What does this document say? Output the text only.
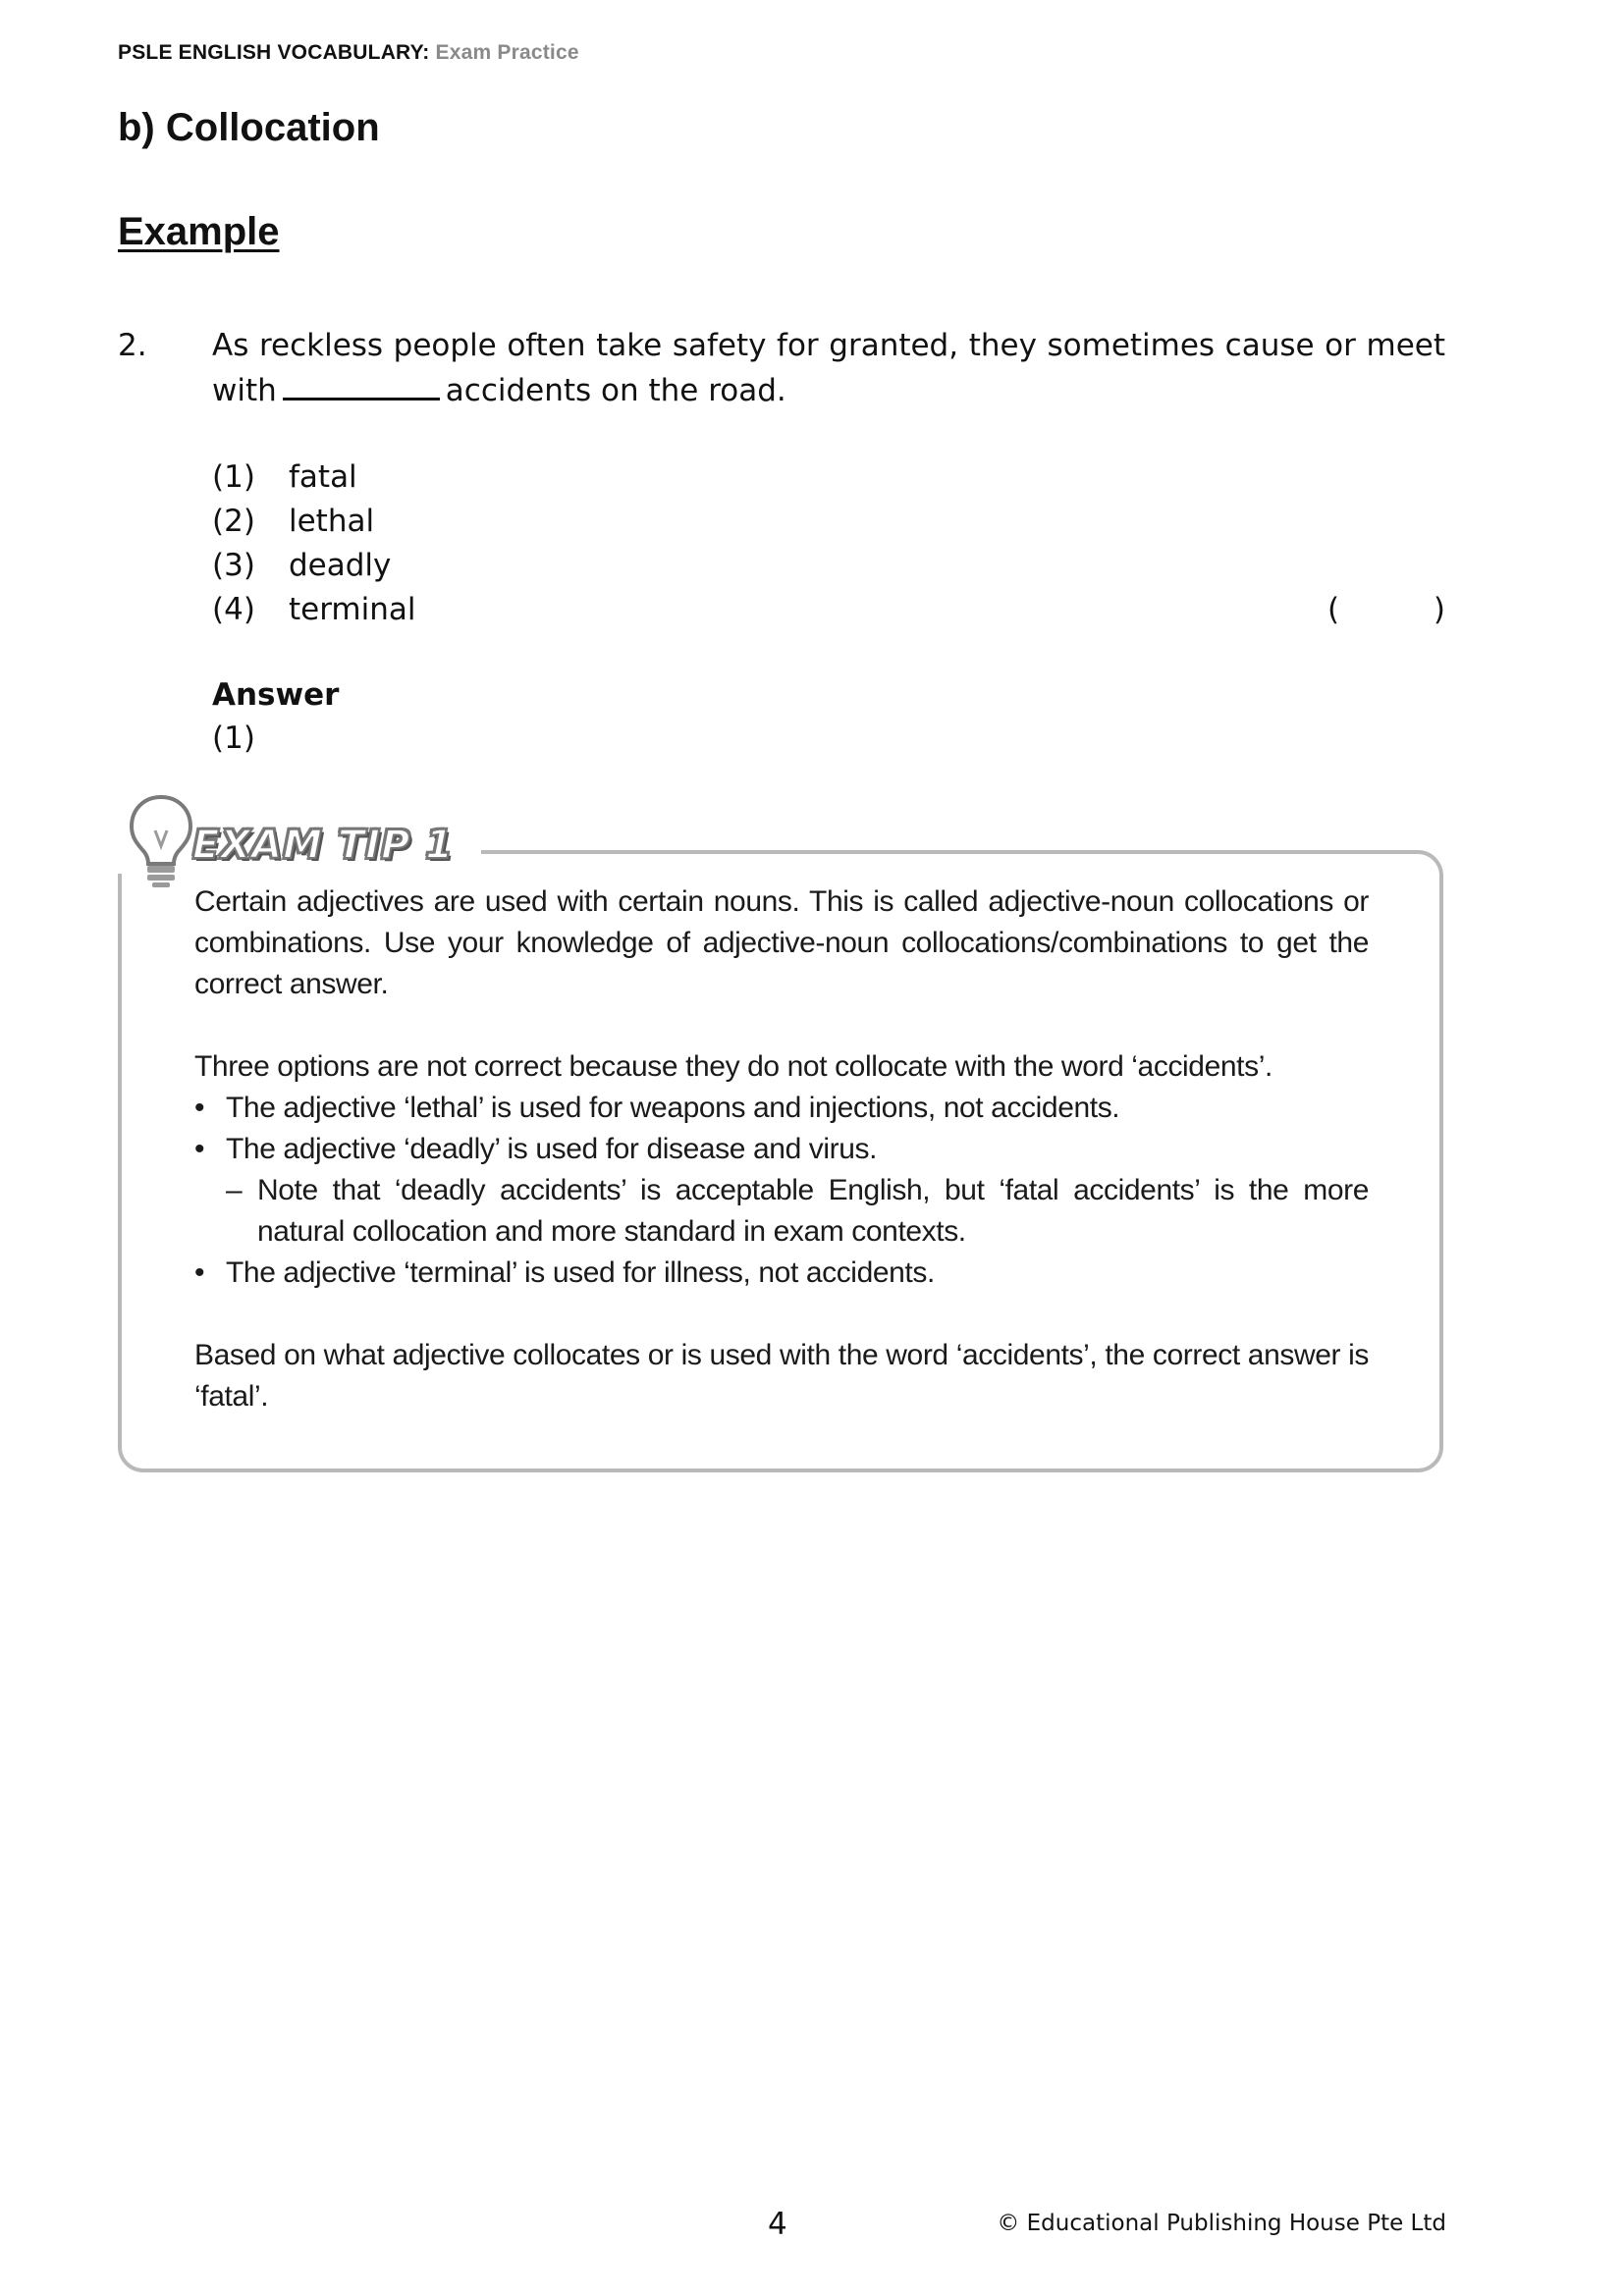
PSLE ENGLISH VOCABULARY: Exam Practice
b) Collocation
Example
2. As reckless people often take safety for granted, they sometimes cause or meet with	accidents on the road.
(1) fatal
(2) lethal
(3) deadly
(4) terminal	(	)
Answer
(1)
EXAM TIP 1

Certain adjectives are used with certain nouns. This is called adjective-noun collocations or combinations. Use your knowledge of adjective-noun collocations/combinations to get the correct answer.

Three options are not correct because they do not collocate with the word ‘accidents’.

• The adjective ‘lethal’ is used for weapons and injections, not accidents.
• The adjective ‘deadly’ is used for disease and virus.
– Note that ‘deadly accidents’ is acceptable English, but ‘fatal accidents’ is the more natural collocation and more standard in exam contexts.
• The adjective ‘terminal’ is used for illness, not accidents.

Based on what adjective collocates or is used with the word ‘accidents’, the correct answer is ‘fatal’.

4	© Educational Publishing House Pte Ltd
